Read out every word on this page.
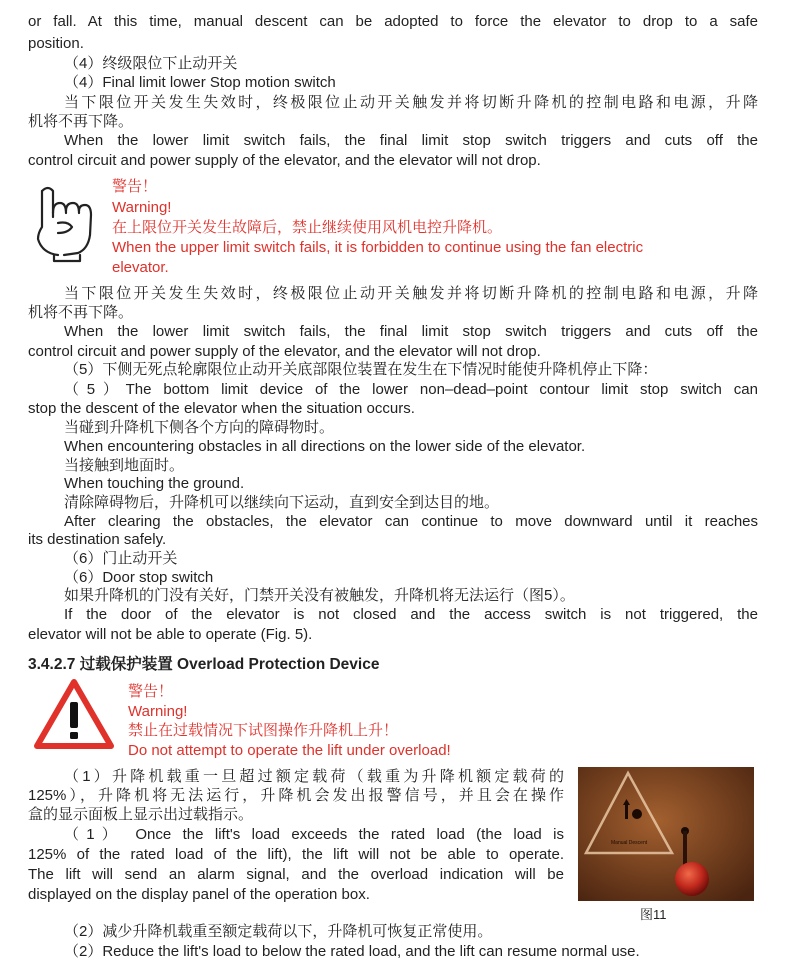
or fall. At this time, manual descent can be adopted to force the elevator to drop to a safe
position.
（4）终级限位下止动开关
（4）Final limit lower Stop motion switch
当下限位开关发生失效时，终极限位止动开关触发并将切断升降机的控制电路和电源，升降
机将不再下降。
When the lower limit switch fails, the final limit stop switch triggers and cuts off the
control circuit and power supply of the elevator, and the elevator will not drop.
警告！
Warning!
在上限位开关发生故障后，禁止继续使用风机电控升降机。
When the upper limit switch fails, it is forbidden to continue using the fan electric
elevator.
当下限位开关发生失效时，终极限位止动开关触发并将切断升降机的控制电路和电源，升降
机将不再下降。
When the lower limit switch fails, the final limit stop switch triggers and cuts off the
control circuit and power supply of the elevator, and the elevator will not drop.
（5）下侧无死点轮廓限位止动开关底部限位装置在发生在下情况时能使升降机停止下降：
（5）The bottom limit device of the lower non–dead–point contour limit stop switch can
stop the descent of the elevator when the situation occurs.
当碰到升降机下侧各个方向的障碍物时。
When encountering obstacles in all directions on the lower side of the elevator.
当接触到地面时。
When touching the ground.
清除障碍物后，升降机可以继续向下运动，直到安全到达目的地。
After clearing the obstacles, the elevator can continue to move downward until it reaches
its destination safely.
（6）门止动开关
（6）Door stop switch
如果升降机的门没有关好，门禁开关没有被触发，升降机将无法运行（图5）。
If the door of the elevator is not closed and the access switch is not triggered, the
elevator will not be able to operate (Fig. 5).
3.4.2.7 过载保护装置 Overload Protection Device
警告！
Warning!
禁止在过载情况下试图操作升降机上升！
Do not attempt to operate the lift under overload!
（1）升降机载重一旦超过额定载荷（载重为升降机额定载荷的
125%），升降机将无法运行，升降机会发出报警信号，并且会在操作
盒的显示面板上显示出过载指示。
（1） Once the lift's load exceeds the rated load (the load is
125% of the rated load of the lift), the lift will not be able to operate.
The lift will send an alarm signal, and the overload indication will be
displayed on the display panel of the operation box.
Manual Descent
图11
（2）减少升降机载重至额定载荷以下，升降机可恢复正常使用。
（2）Reduce the lift's load to below the rated load, and the lift can resume normal use.
